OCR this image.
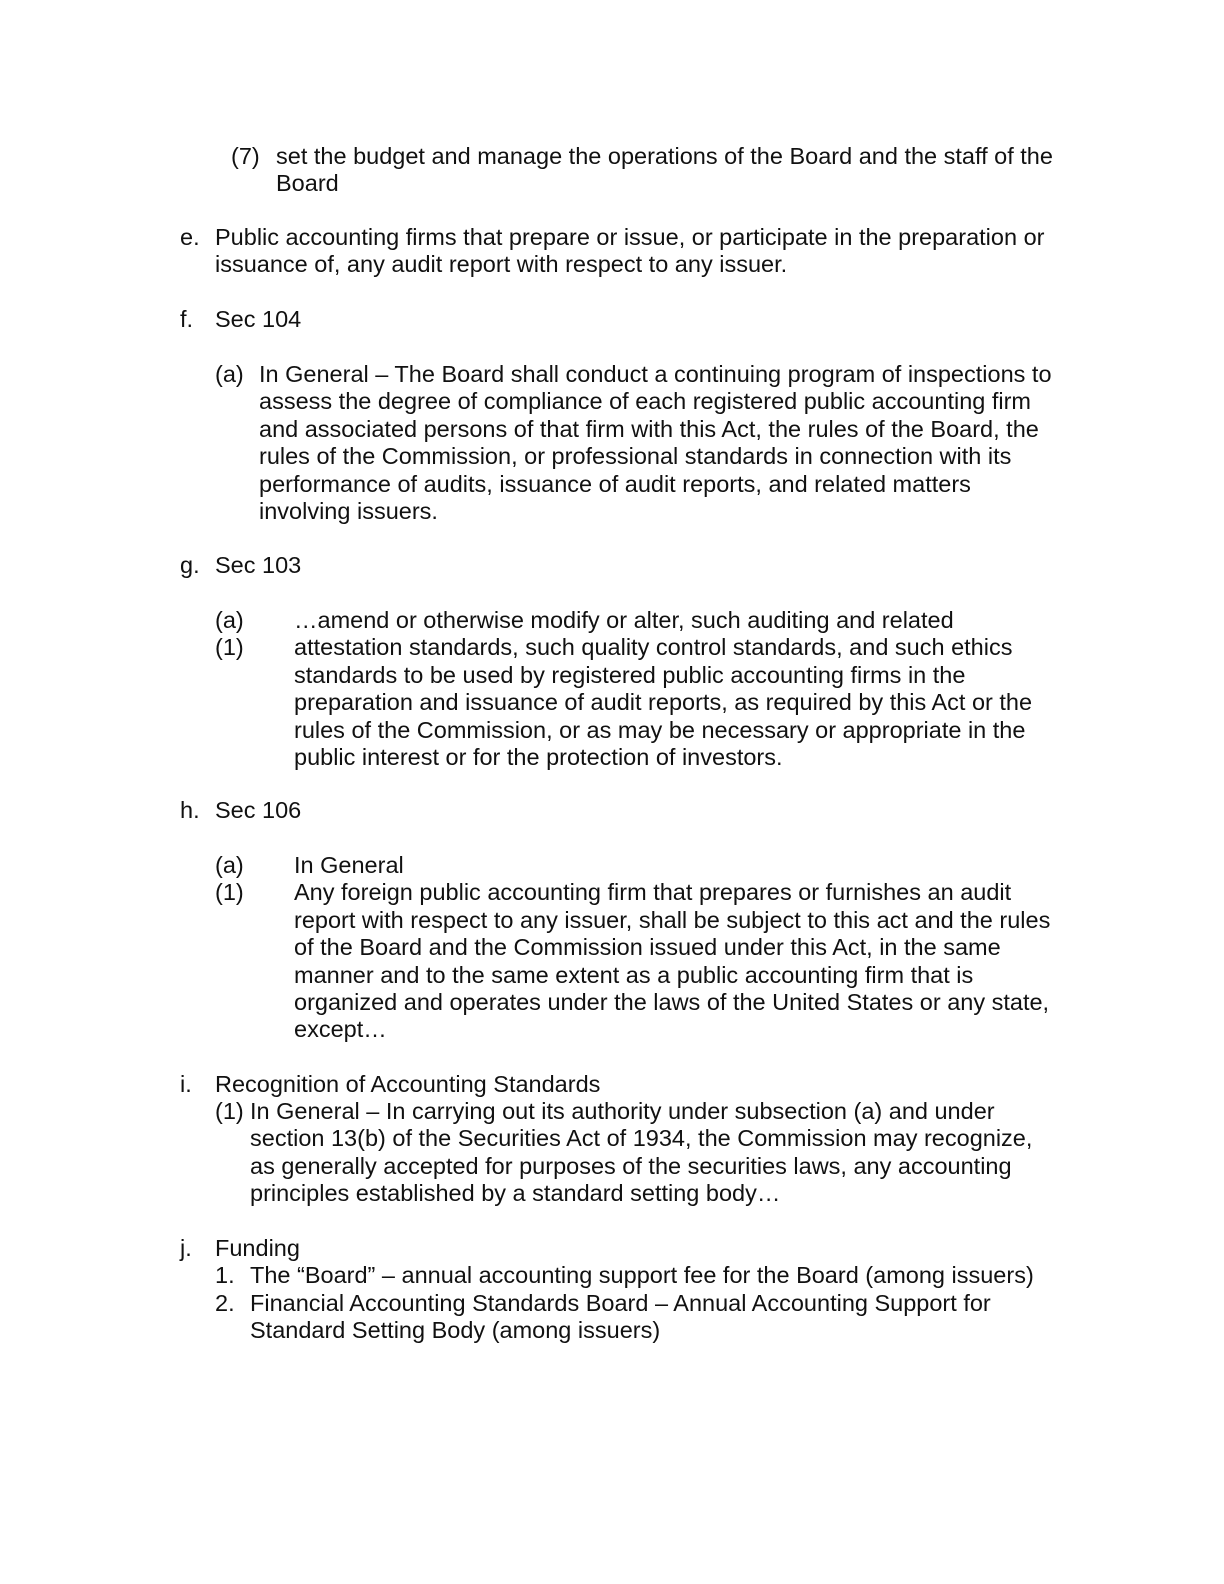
(7) set the budget and manage the operations of the Board and the staff of the
Board
e. Public accounting firms that prepare or issue, or participate in the preparation or
issuance of, any audit report with respect to any issuer.
f. Sec 104
(a) In General – The Board shall conduct a continuing program of inspections to
assess the degree of compliance of each registered public accounting firm
and associated persons of that firm with this Act, the rules of the Board, the
rules of the Commission, or professional standards in connection with its
performance of audits, issuance of audit reports, and related matters
involving issuers.
g. Sec 103
(a) (1)
…amend or otherwise modify or alter, such auditing and related
attestation standards, such quality control standards, and such ethics
standards to be used by registered public accounting firms in the
preparation and issuance of audit reports, as required by this Act or the
rules of the Commission, or as may be necessary or appropriate in the
public interest or for the protection of investors.
h. Sec 106
(a) (1)
In General
Any foreign public accounting firm that prepares or furnishes an audit
report with respect to any issuer, shall be subject to this act and the rules
of the Board and the Commission issued under this Act, in the same
manner and to the same extent as a public accounting firm that is
organized and operates under the laws of the United States or any state,
except…
i. Recognition of Accounting Standards
(1) In General – In carrying out its authority under subsection (a) and under
section 13(b) of the Securities Act of 1934, the Commission may recognize,
as generally accepted for purposes of the securities laws, any accounting
principles established by a standard setting body…
j. Funding
1. The “Board” – annual accounting support fee for the Board (among issuers)
2. Financial Accounting Standards Board – Annual Accounting Support for
Standard Setting Body (among issuers)
